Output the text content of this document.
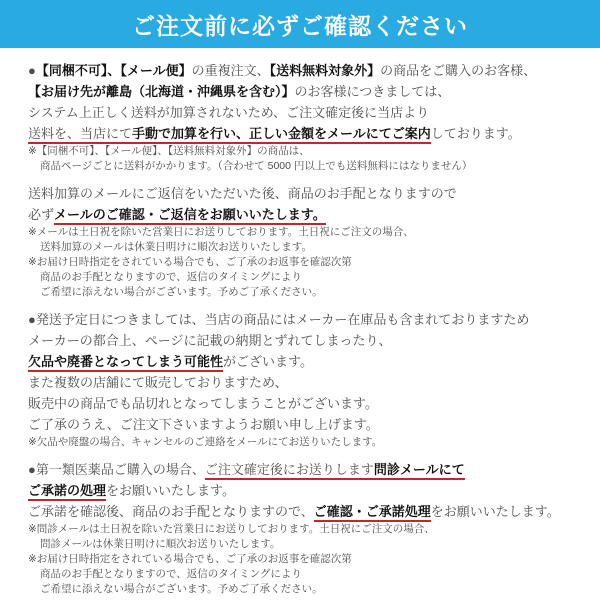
ご注文前に必ずご確認ください
●【同梱不可】、【メール便】の重複注文、【送料無料対象外】の商品をご購入のお客様、
【お届け先が離島（北海道・沖縄県を含む）】のお客様につきましては、
システム上正しく送料が加算されないため、ご注文確定後に当店より
送料を、当店にて手動で加算を行い、正しい金額をメールにてご案内しております。
※【同梱不可】、【メール便】、【送料無料対象外】の商品は、
商品ページごとに送料がかかります。（合わせて 5000 円以上でも送料無料にはなりません）
送料加算のメールにご返信をいただいた後、商品のお手配となりますので
必ずメールのご確認・ご返信をお願いいたします。
※メールは土日祝を除いた営業日にお送りしております。土日祝にご注文の場合、
送料加算のメールは休業日明けに順次お送りいたします。
※お届け日時指定をされている場合でも、ご了承のお返事を確認次第
商品のお手配となりますので、返信のタイミングにより
ご希望に添えない場合がございます。予めご了承ください。
●発送予定日につきましては、当店の商品にはメーカー在庫品も含まれておりますため
メーカーの都合上、ページに記載の納期とずれてしまったり、
欠品や廃番となってしまう可能性がございます。
また複数の店舗にて販売しておりますため、
販売中の商品でも品切れとなってしまうことがございます。
ご了承のうえ、ご注文下さいますようお願い申し上げます。
※欠品や廃盤の場合、キャンセルのご連絡をメールにてお送りいたします。
●第一類医薬品ご購入の場合、ご注文確定後にお送りします問診メールにて
ご承諾の処理をお願いいたします。
ご承諾を確認後、商品のお手配となりますので、ご確認・ご承諾処理をお願いいたします。
※問診メールは土日祝を除いた営業日にお送りしております。土日祝にご注文の場合、
問診メールは休業日明けに順次お送りいたします。
※お届け日時指定をされている場合でも、ご了承のお返事を確認次第
商品のお手配となりますので、返信のタイミングにより
ご希望に添えない場合がございます。予めご了承ください。
